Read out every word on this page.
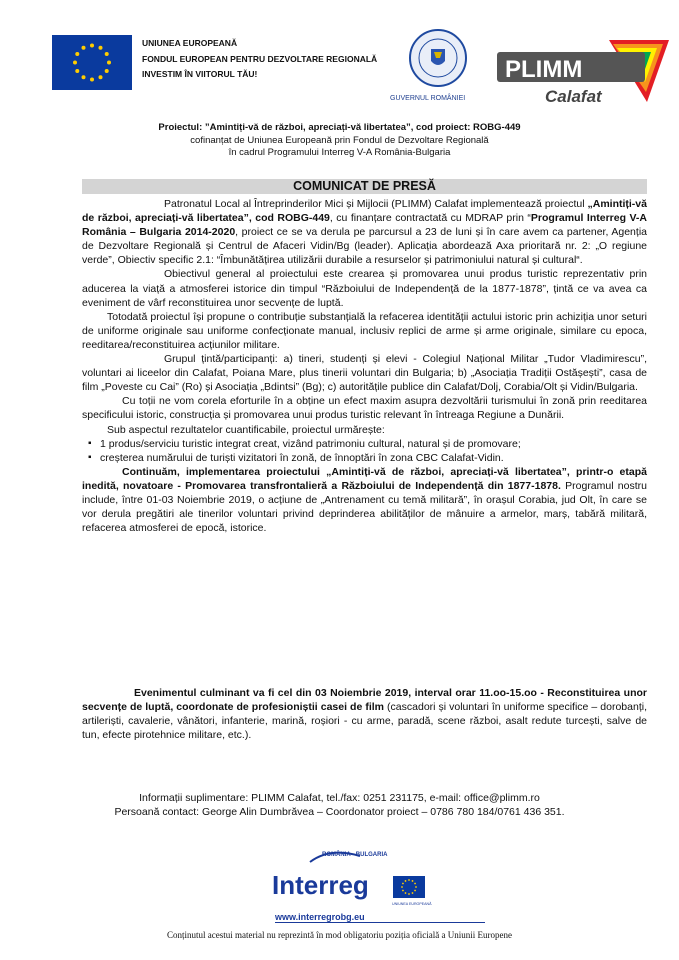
UNIUNEA EUROPEANĂ
FONDUL EUROPEAN PENTRU DEZVOLTARE REGIONALĂ
INVESTIM ÎN VIITORUL TĂU!
GUVERNUL ROMÂNIEI
PLIMM
Calafat
Proiectul: ”Amintiți-vă de război, apreciați-vă libertatea”, cod proiect: ROBG-449
cofinanțat de Uniunea Europeană prin Fondul de Dezvoltare Regională
în cadrul Programului Interreg V-A România-Bulgaria
COMUNICAT DE PRESĂ

Patronatul Local al Întreprinderilor Mici și Mijlocii (PLIMM) Calafat implementează proiectul „Amintiți-vă de război, apreciați-vă libertatea”, cod ROBG-449, cu finanțare contractată cu MDRAP prin “Programul Interreg V-A România – Bulgaria 2014-2020, proiect ce se va derula pe parcursul a 23 de luni și în care avem ca partener, Agenția de Dezvoltare Regională și Centrul de Afaceri Vidin/Bg (leader). Aplicația abordează Axa prioritară nr. 2: „O regiune verde”, Obiectiv specific 2.1: “Îmbunătățirea utilizării durabile a resurselor și patrimoniului natural și cultural“.

Obiectivul general al proiectului este crearea și promovarea unui produs turistic reprezentativ prin aducerea la viață a atmosferei istorice din timpul “Războiului de Independență de la 1877-1878”, țintă ce va avea ca eveniment de vârf reconstituirea unor secvențe de luptă.

Totodată proiectul își propune o contribuție substanțială la refacerea identității actului istoric prin achiziția unor seturi de uniforme originale sau uniforme confecționate manual, inclusiv replici de arme și arme originale, similare cu epoca, reeditarea/reconstituirea acțiunilor militare.

Grupul țintă/participanți: a) tineri, studenți și elevi - Colegiul Național Militar „Tudor Vladimirescu”, voluntari ai liceelor din Calafat, Poiana Mare, plus tinerii voluntari din Bulgaria; b) „Asociația Tradiții Ostășești”, casa de film „Poveste cu Cai” (Ro) și Asociația „Bdintsi” (Bg); c) autoritățile publice din Calafat/Dolj, Corabia/Olt și Vidin/Bulgaria.

Cu toții ne vom corela eforturile în a obține un efect maxim asupra dezvoltării turismului în zonă prin reeditarea specificului istoric, construcția și promovarea unui produs turistic relevant în întreaga Regiune a Dunării.

Sub aspectul rezultatelor cuantificabile, proiectul urmărește:

▪ 1 produs/serviciu turistic integrat creat, vizând patrimoniu cultural, natural și de promovare;
▪ creșterea numărului de turiști vizitatori în zonă, de înnoptări în zona CBC Calafat-Vidin.

Continuăm, implementarea proiectului „Amintiți-vă de război, apreciați-vă libertatea”, printr-o etapă inedită, novatoare - Promovarea transfrontalieră a Războiului de Independență din 1877-1878. Programul nostru include, între 01-03 Noiembrie 2019, o acțiune de „Antrenament cu temă militară”, în orașul Corabia, jud Olt, în care se vor derula pregătiri ale tinerilor voluntari privind deprinderea abilităților de mânuire a armelor, marș, tabără militară, refacerea atmosferei de epocă, istorice.

Evenimentul culminant va fi cel din 03 Noiembrie 2019, interval orar 11.oo-15.oo - Reconstituirea unor secvențe de luptă, coordonate de profesioniștii casei de film (cascadori și voluntari în uniforme specifice – dorobanți, artileriști, cavalerie, vânători, infanterie, marină, roșiori - cu arme, paradă, scene război, asalt redute turcești, salve de tun, efecte pirotehnice militare, etc.).

Informații suplimentare: PLIMM Calafat, tel./fax: 0251 231175, e-mail: office@plimm.ro
Persoană contact: George Alin Dumbrăvea – Coordonator proiect – 0786 780 184/0761 436 351.
ROMÂNIA - BULGARIA
Interreg
UNIUNEA EUROPEANĂ
www.interregrobg.eu
Conținutul acestui material nu reprezintă în mod obligatoriu poziția oficială a Uniunii Europene
